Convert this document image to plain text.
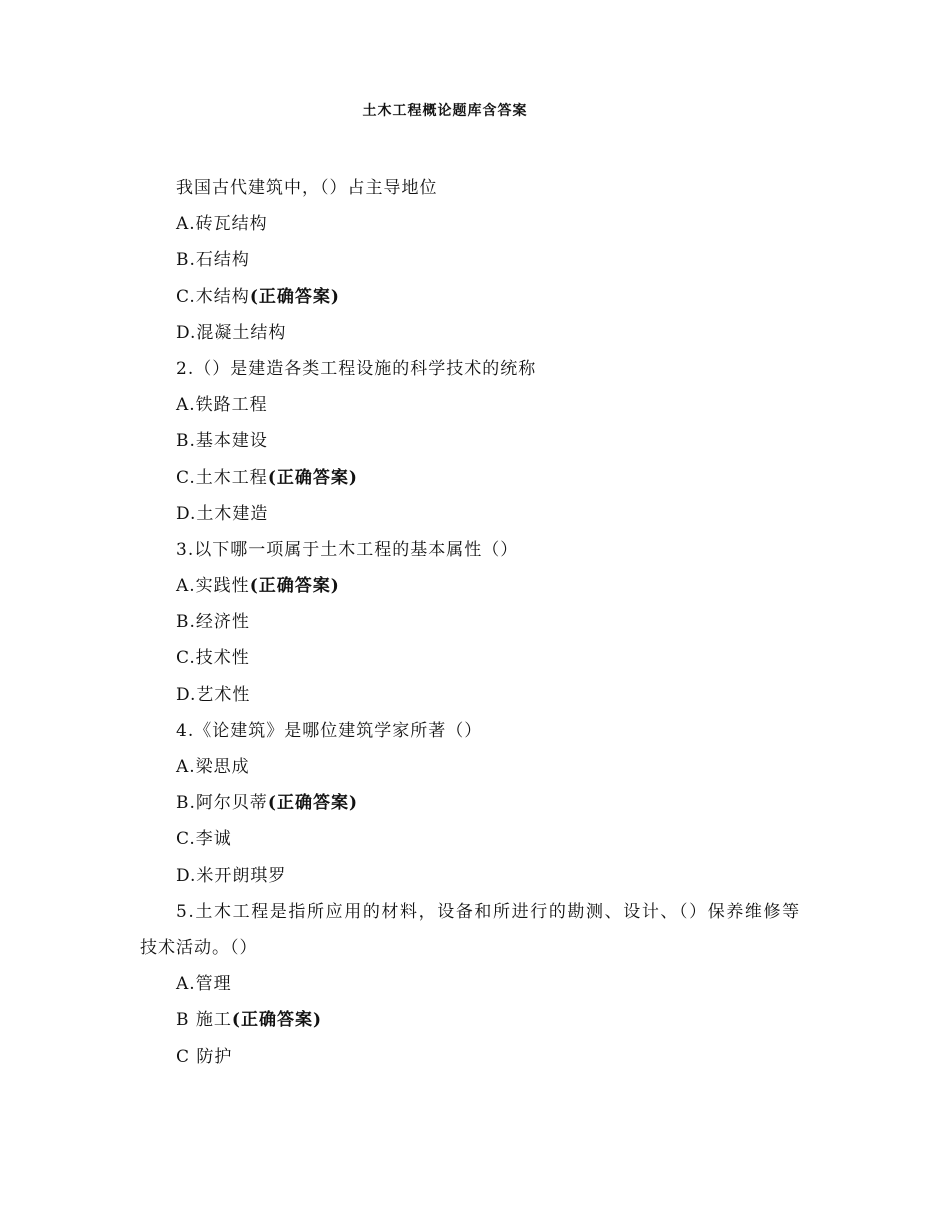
土木工程概论题库含答案
我国古代建筑中，（）占主导地位
A.砖瓦结构
B.石结构
C.木结构(正确答案)
D.混凝土结构
2.（）是建造各类工程设施的科学技术的统称
A.铁路工程
B.基本建设
C.土木工程(正确答案)
D.土木建造
3.以下哪一项属于土木工程的基本属性（）
A.实践性(正确答案)
B.经济性
C.技术性
D.艺术性
4.《论建筑》是哪位建筑学家所著（）
A.梁思成
B.阿尔贝蒂(正确答案)
C.李诚
D.米开朗琪罗
5.土木工程是指所应用的材料，设备和所进行的勘测、设计、（）保养维修等
技术活动。（）
A.管理
B 施工(正确答案)
C 防护
